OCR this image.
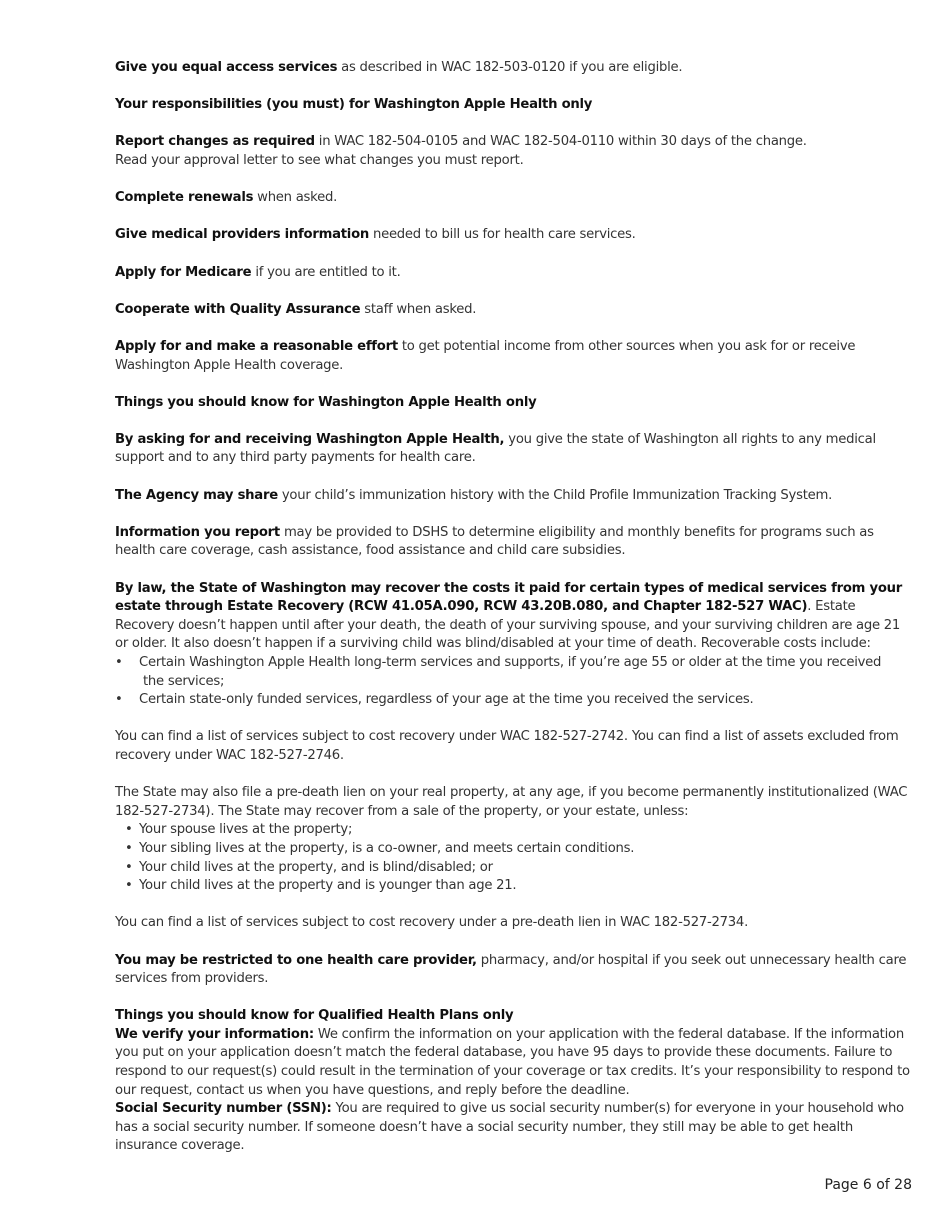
Give you equal access services as described in WAC 182-503-0120 if you are eligible.

Your responsibilities (you must) for Washington Apple Health only

Report changes as required in WAC 182-504-0105 and WAC 182-504-0110 within 30 days of the change.
Read your approval letter to see what changes you must report.

Complete renewals when asked.

Give medical providers information needed to bill us for health care services.

Apply for Medicare if you are entitled to it.

Cooperate with Quality Assurance staff when asked.

Apply for and make a reasonable effort to get potential income from other sources when you ask for or receive Washington Apple Health coverage.

Things you should know for Washington Apple Health only

By asking for and receiving Washington Apple Health, you give the state of Washington all rights to any medical support and to any third party payments for health care.

The Agency may share your child’s immunization history with the Child Profile Immunization Tracking System.

Information you report may be provided to DSHS to determine eligibility and monthly benefits for programs such as health care coverage, cash assistance, food assistance and child care subsidies.

By law, the State of Washington may recover the costs it paid for certain types of medical services from your estate through Estate Recovery (RCW 41.05A.090, RCW 43.20B.080, and Chapter 182-527 WAC). Estate Recovery doesn’t happen until after your death, the death of your surviving spouse, and your surviving children are age 21 or older. It also doesn’t happen if a surviving child was blind/disabled at your time of death. Recoverable costs include:

• Certain Washington Apple Health long-term services and supports, if you’re age 55 or older at the time you received
the services;
• Certain state-only funded services, regardless of your age at the time you received the services.

You can find a list of services subject to cost recovery under WAC 182-527-2742. You can find a list of assets excluded from recovery under WAC 182-527-2746.

The State may also file a pre-death lien on your real property, at any age, if you become permanently institutionalized (WAC 182-527-2734). The State may recover from a sale of the property, or your estate, unless:

• Your spouse lives at the property;
• Your sibling lives at the property, is a co-owner, and meets certain conditions.
• Your child lives at the property, and is blind/disabled; or
• Your child lives at the property and is younger than age 21.

You can find a list of services subject to cost recovery under a pre-death lien in WAC 182-527-2734.

You may be restricted to one health care provider, pharmacy, and/or hospital if you seek out unnecessary health care services from providers.

Things you should know for Qualified Health Plans only

We verify your information: We confirm the information on your application with the federal database. If the information you put on your application doesn’t match the federal database, you have 95 days to provide these documents. Failure to respond to our request(s) could result in the termination of your coverage or tax credits. It’s your responsibility to respond to our request, contact us when you have questions, and reply before the deadline.

Social Security number (SSN): You are required to give us social security number(s) for everyone in your household who has a social security number. If someone doesn’t have a social security number, they still may be able to get health insurance coverage.

Page 6 of 28
